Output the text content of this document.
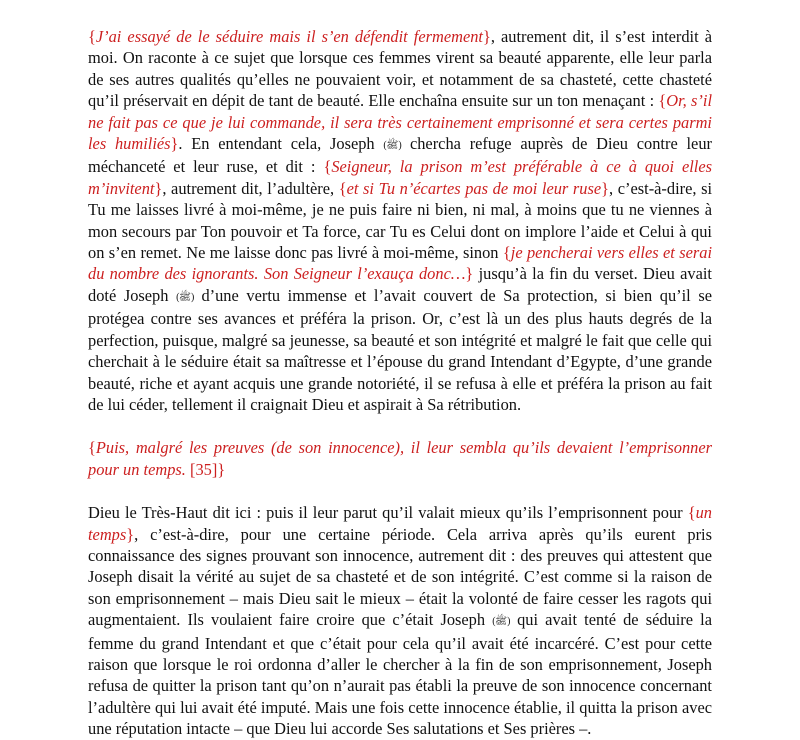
{J’ai essayé de le séduire mais il s’en défendit fermement}, autrement dit, il s’est interdit à moi. On raconte à ce sujet que lorsque ces femmes virent sa beauté apparente, elle leur parla de ses autres qualités qu’elles ne pouvaient voir, et notamment de sa chasteté, cette chasteté qu’il préservait en dépit de tant de beauté. Elle enchaîna ensuite sur un ton menaçant : {Or, s’il ne fait pas ce que je lui commande, il sera très certainement emprisonné et sera certes parmi les humiliés}. En entendant cela, Joseph (ﷺ) chercha refuge auprès de Dieu contre leur méchanceté et leur ruse, et dit : {Seigneur, la prison m’est préférable à ce à quoi elles m’invitent}, autrement dit, l’adultère, {et si Tu n’écartes pas de moi leur ruse}, c’est-à-dire, si Tu me laisses livré à moi-même, je ne puis faire ni bien, ni mal, à moins que tu ne viennes à mon secours par Ton pouvoir et Ta force, car Tu es Celui dont on implore l’aide et Celui à qui on s’en remet. Ne me laisse donc pas livré à moi-même, sinon {je pencherai vers elles et serai du nombre des ignorants. Son Seigneur l’exauça donc…} jusqu’à la fin du verset. Dieu avait doté Joseph (ﷺ) d’une vertu immense et l’avait couvert de Sa protection, si bien qu’il se protégea contre ses avances et préféra la prison. Or, c’est là un des plus hauts degrés de la perfection, puisque, malgré sa jeunesse, sa beauté et son intégrité et malgré le fait que celle qui cherchait à le séduire était sa maîtresse et l’épouse du grand Intendant d’Egypte, d’une grande beauté, riche et ayant acquis une grande notoriété, il se refusa à elle et préféra la prison au fait de lui céder, tellement il craignait Dieu et aspirait à Sa rétribution.

{Puis, malgré les preuves (de son innocence), il leur sembla qu’ils devaient l’emprisonner pour un temps. [35]}

Dieu le Très-Haut dit ici : puis il leur parut qu’il valait mieux qu’ils l’emprisonnent pour {un temps}, c’est-à-dire, pour une certaine période. Cela arriva après qu’ils eurent pris connaissance des signes prouvant son innocence, autrement dit : des preuves qui attestent que Joseph disait la vérité au sujet de sa chasteté et de son intégrité. C’est comme si la raison de son emprisonnement – mais Dieu sait le mieux – était la volonté de faire cesser les ragots qui augmentaient. Ils voulaient faire croire que c’était Joseph (ﷺ) qui avait tenté de séduire la femme du grand Intendant et que c’était pour cela qu’il avait été incarcéré. C’est pour cette raison que lorsque le roi ordonna d’aller le chercher à la fin de son emprisonnement, Joseph refusa de quitter la prison tant qu’on n’aurait pas établi la preuve de son innocence concernant l’adultère qui lui avait été imputé. Mais une fois cette innocence établie, il quitta la prison avec une réputation intacte – que Dieu lui accorde Ses salutations et Ses prières –.
